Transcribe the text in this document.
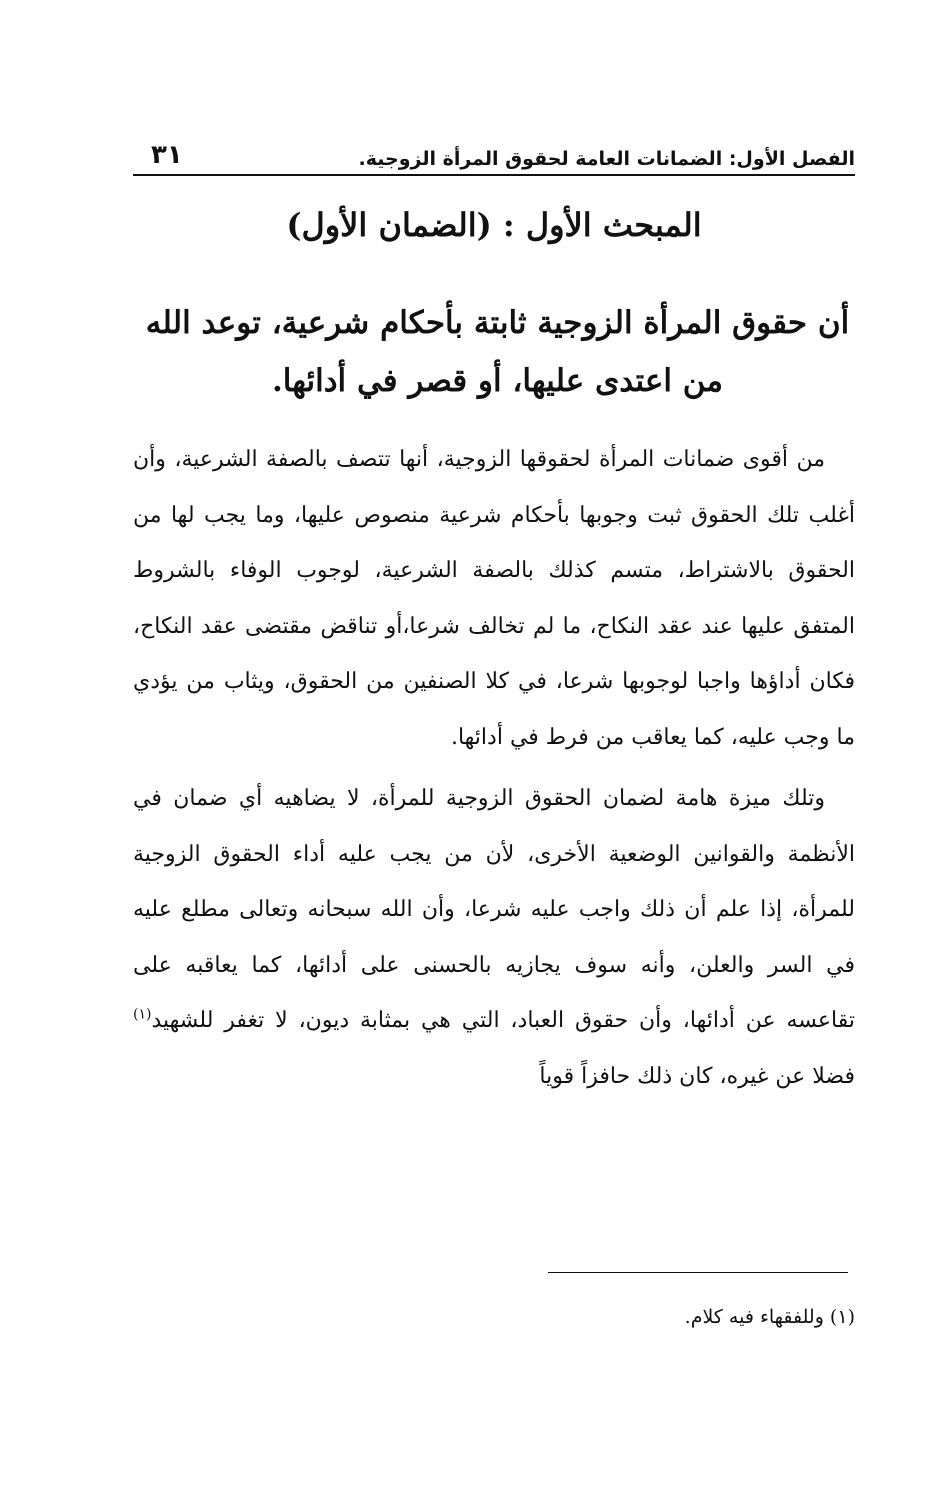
الفصل الأول: الضمانات العامة لحقوق المرأة الزوجية.
٣١
المبحث الأول : (الضمان الأول)
أن حقوق المرأة الزوجية ثابتة بأحكام شرعية، توعد الله من اعتدى عليها، أو قصر في أدائها.

من أقوى ضمانات المرأة لحقوقها الزوجية، أنها تتصف بالصفة الشرعية، وأن أغلب تلك الحقوق ثبت وجوبها بأحكام شرعية منصوص عليها، وما يجب لها من الحقوق بالاشتراط، متسم كذلك بالصفة الشرعية، لوجوب الوفاء بالشروط المتفق عليها عند عقد النكاح، ما لم تخالف شرعا،أو تناقض مقتضى عقد النكاح، فكان أداؤها واجبا لوجوبها شرعا، في كلا الصنفين من الحقوق، ويثاب من يؤدي ما وجب عليه، كما يعاقب من فرط في أدائها.

وتلك ميزة هامة لضمان الحقوق الزوجية للمرأة، لا يضاهيه أي ضمان في الأنظمة والقوانين الوضعية الأخرى، لأن من يجب عليه أداء الحقوق الزوجية للمرأة، إذا علم أن ذلك واجب عليه شرعا، وأن الله سبحانه وتعالى مطلع عليه في السر والعلن، وأنه سوف يجازيه بالحسنى على أدائها، كما يعاقبه على تقاعسه عن أدائها، وأن حقوق العباد، التي هي بمثابة ديون، لا تغفر للشهيد$^{(١)}$ فضلا عن غيره، كان ذلك حافزاً قوياً

(١) وللفقهاء فيه كلام.
